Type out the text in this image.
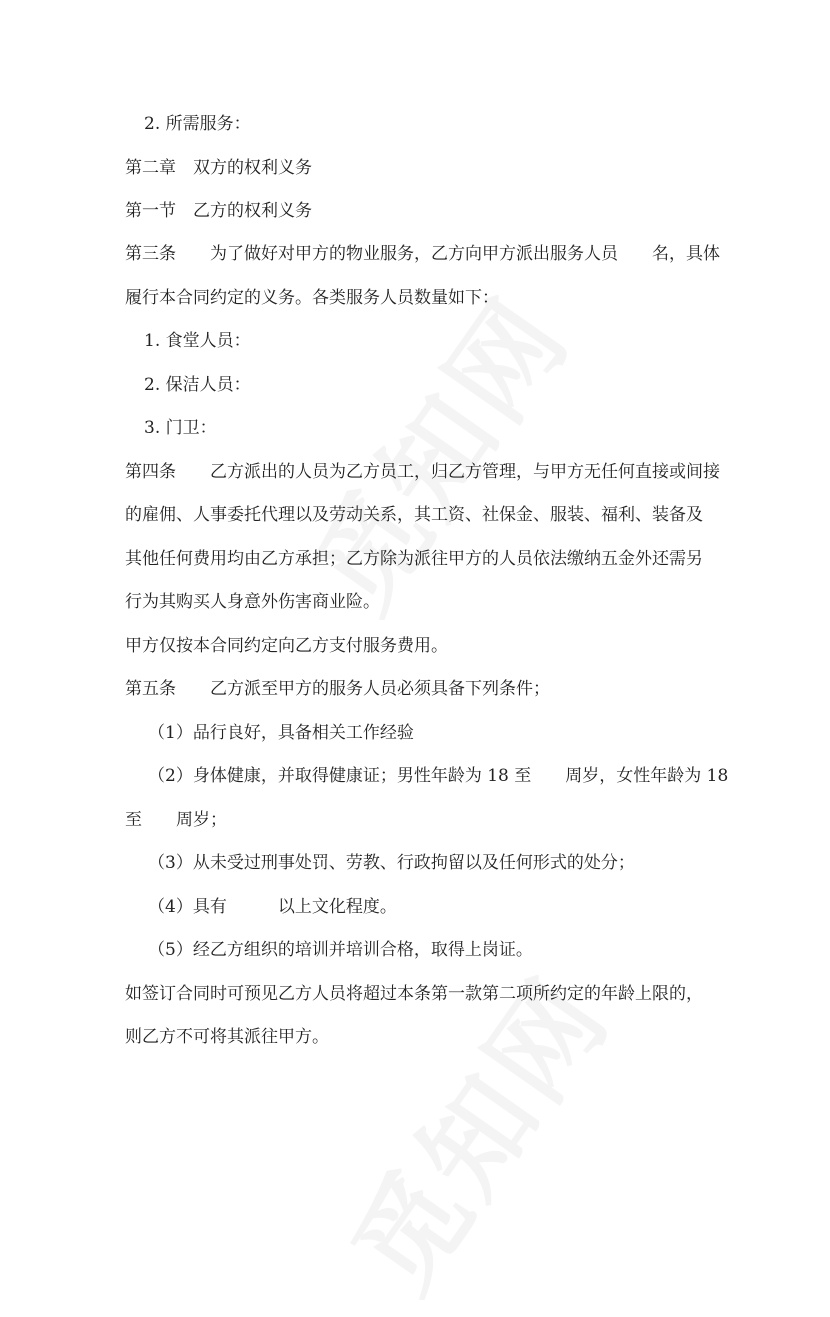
2. 所需服务：
第二章　双方的权利义务
第一节　乙方的权利义务
第三条　　为了做好对甲方的物业服务，乙方向甲方派出服务人员　　名，具体
履行本合同约定的义务。各类服务人员数量如下：
1. 食堂人员：
2. 保洁人员：
3. 门卫：
第四条　　乙方派出的人员为乙方员工，归乙方管理，与甲方无任何直接或间接
的雇佣、人事委托代理以及劳动关系，其工资、社保金、服装、福利、装备及
其他任何费用均由乙方承担；乙方除为派往甲方的人员依法缴纳五金外还需另
行为其购买人身意外伤害商业险。
甲方仅按本合同约定向乙方支付服务费用。
第五条　　乙方派至甲方的服务人员必须具备下列条件；
（1）品行良好，具备相关工作经验
（2）身体健康，并取得健康证；男性年龄为 18 至　　周岁，女性年龄为 18
至　　周岁；
（3）从未受过刑事处罚、劳教、行政拘留以及任何形式的处分；
（4）具有　　　以上文化程度。
（5）经乙方组织的培训并培训合格，取得上岗证。
如签订合同时可预见乙方人员将超过本条第一款第二项所约定的年龄上限的，
则乙方不可将其派往甲方。
